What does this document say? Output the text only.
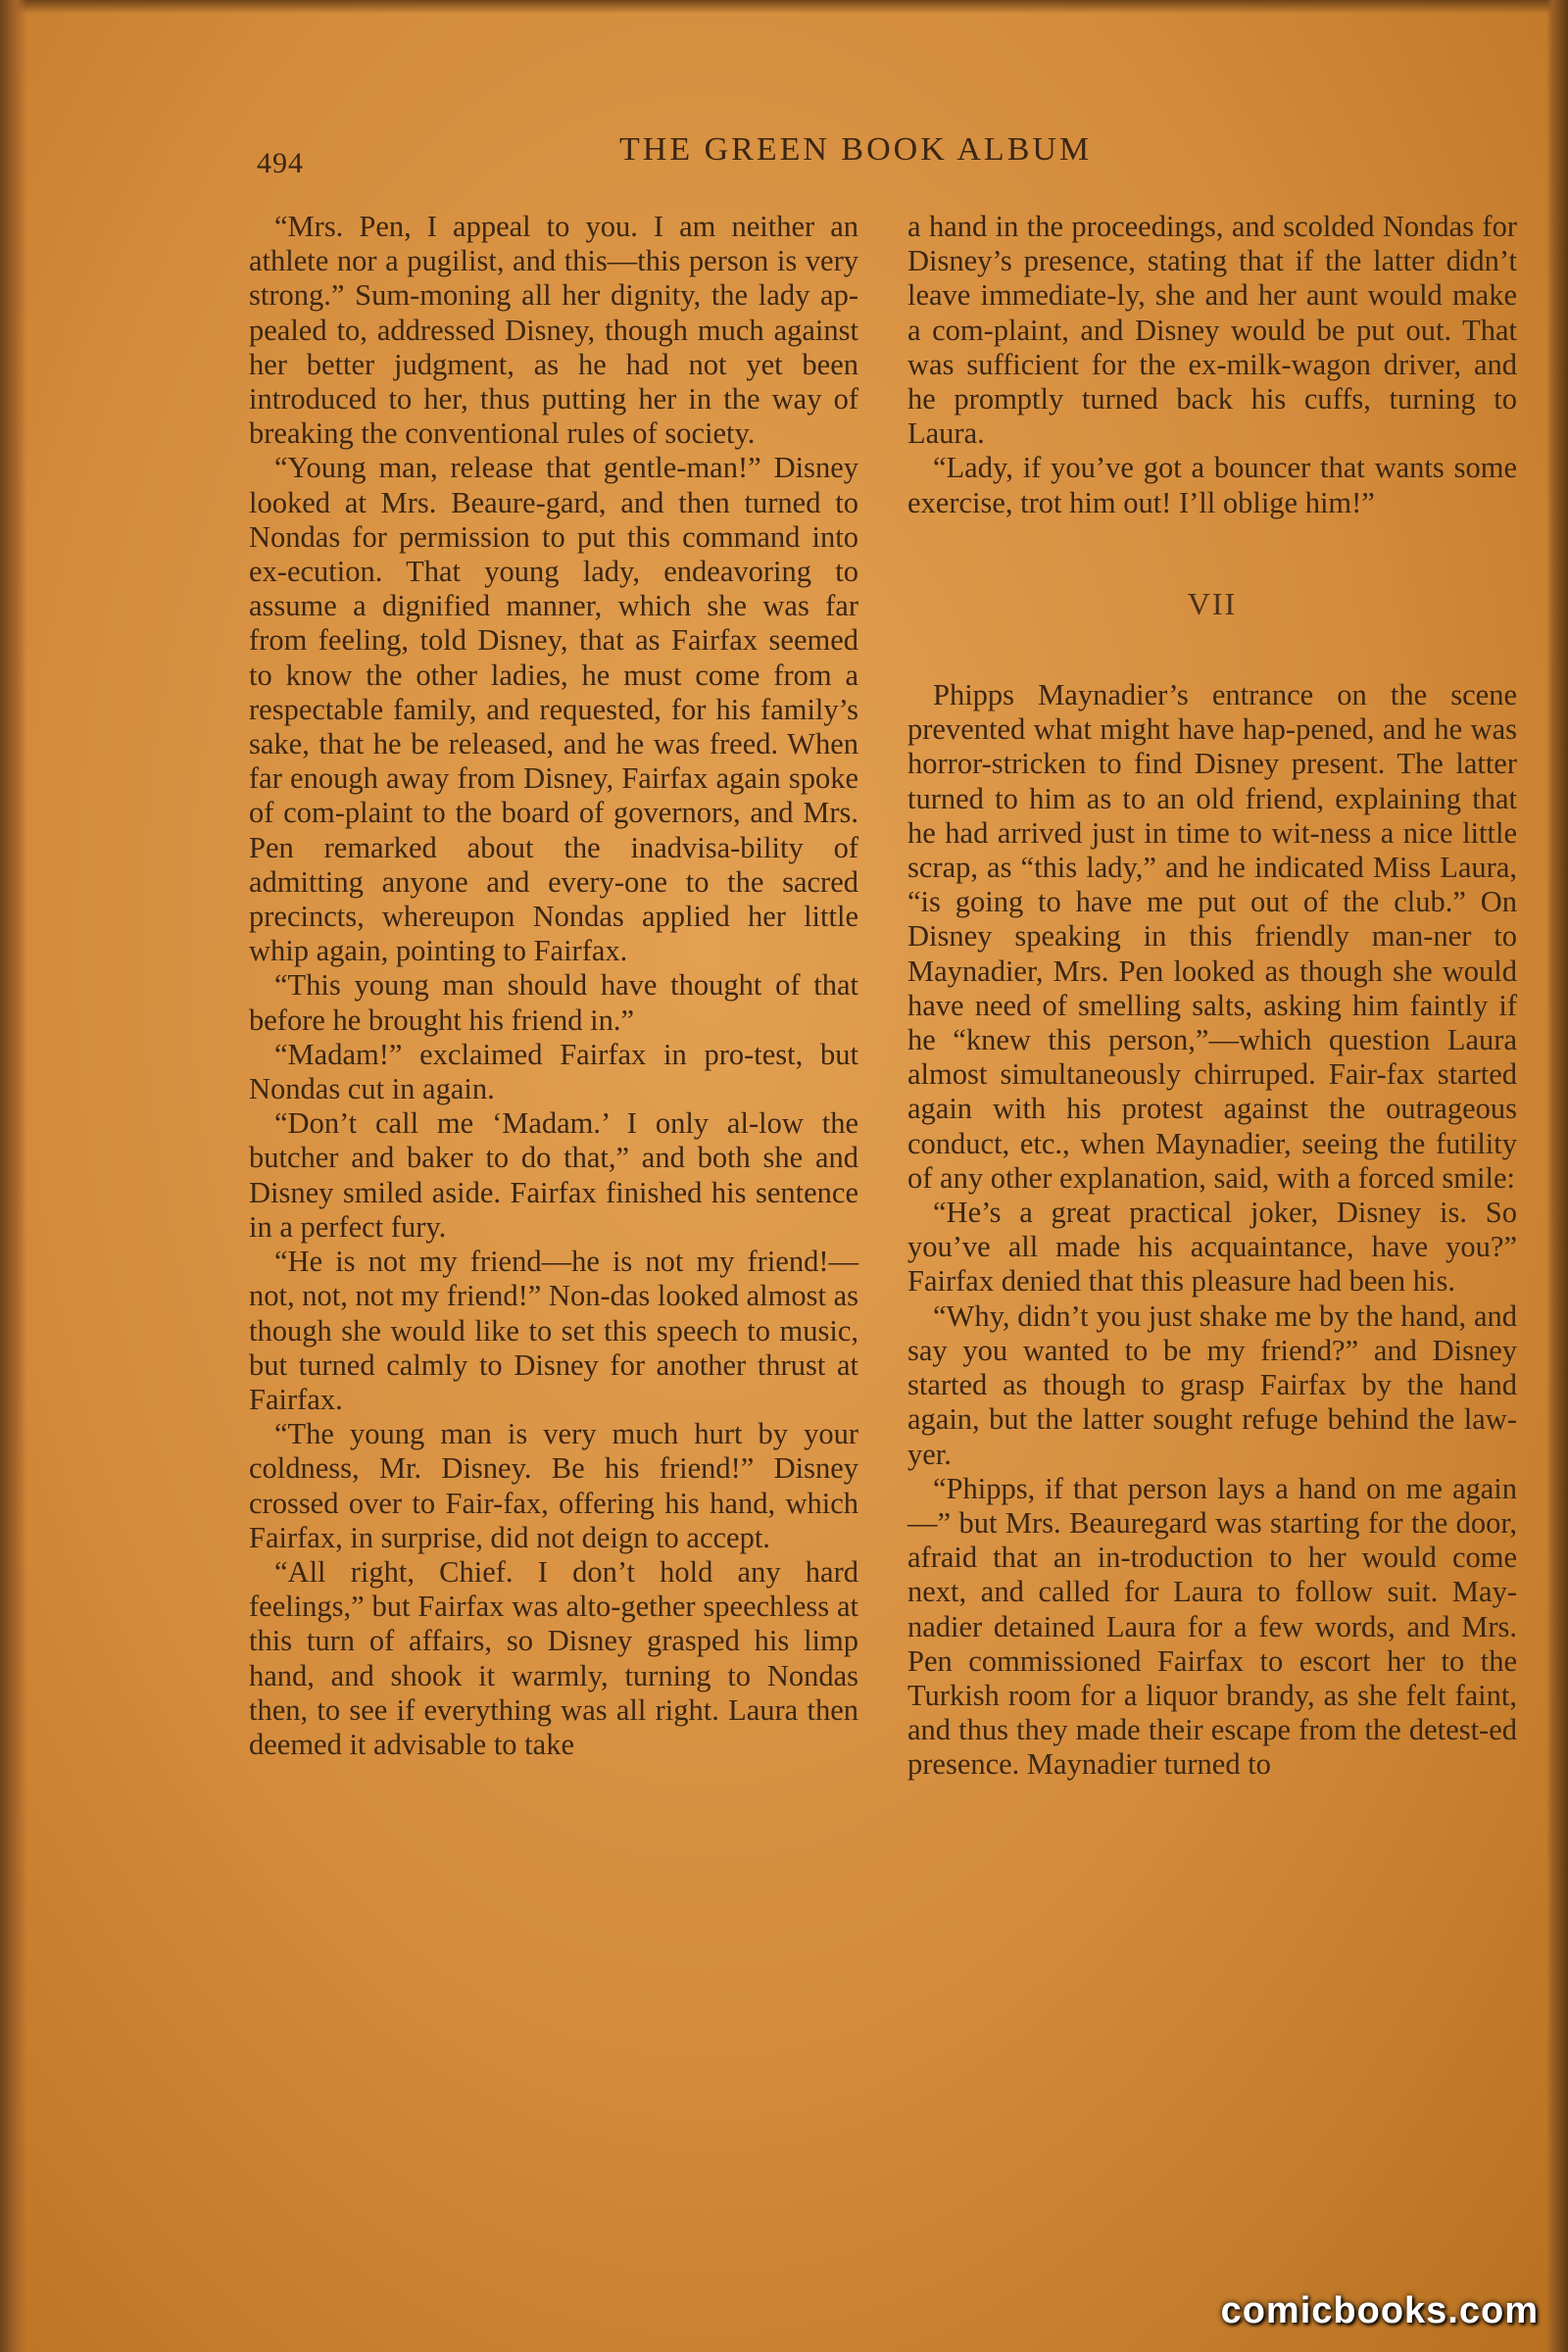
494	THE GREEN BOOK ALBUM

“Mrs. Pen, I appeal to you. I am neither an athlete nor a pugilist, and this—this person is very strong.” Sum-moning all her dignity, the lady ap-pealed to, addressed Disney, though much against her better judgment, as he had not yet been introduced to her, thus putting her in the way of breaking the conventional rules of society.

“Young man, release that gentle-man!” Disney looked at Mrs. Beaure-gard, and then turned to Nondas for permission to put this command into ex-ecution. That young lady, endeavoring to assume a dignified manner, which she was far from feeling, told Disney, that as Fairfax seemed to know the other ladies, he must come from a respectable family, and requested, for his family’s sake, that he be released, and he was freed. When far enough away from Disney, Fairfax again spoke of com-plaint to the board of governors, and Mrs. Pen remarked about the inadvisa-bility of admitting anyone and every-one to the sacred precincts, whereupon Nondas applied her little whip again, pointing to Fairfax.

“This young man should have thought of that before he brought his friend in.”

“Madam!” exclaimed Fairfax in pro-test, but Nondas cut in again.

“Don’t call me ‘Madam.’ I only al-low the butcher and baker to do that,” and both she and Disney smiled aside. Fairfax finished his sentence in a perfect fury.

“He is not my friend—he is not my friend!—not, not, not my friend!” Non-das looked almost as though she would like to set this speech to music, but turned calmly to Disney for another thrust at Fairfax.

“The young man is very much hurt by your coldness, Mr. Disney. Be his friend!” Disney crossed over to Fair-fax, offering his hand, which Fairfax, in surprise, did not deign to accept.

“All right, Chief. I don’t hold any hard feelings,” but Fairfax was alto-gether speechless at this turn of affairs, so Disney grasped his limp hand, and shook it warmly, turning to Nondas then, to see if everything was all right. Laura then deemed it advisable to take

a hand in the proceedings, and scolded Nondas for Disney’s presence, stating that if the latter didn’t leave immediate-ly, she and her aunt would make a com-plaint, and Disney would be put out. That was sufficient for the ex-milk-wagon driver, and he promptly turned back his cuffs, turning to Laura.

“Lady, if you’ve got a bouncer that wants some exercise, trot him out! I’ll oblige him!”

VII

Phipps Maynadier’s entrance on the scene prevented what might have hap-pened, and he was horror-stricken to find Disney present. The latter turned to him as to an old friend, explaining that he had arrived just in time to wit-ness a nice little scrap, as “this lady,” and he indicated Miss Laura, “is going to have me put out of the club.” On Disney speaking in this friendly man-ner to Maynadier, Mrs. Pen looked as though she would have need of smelling salts, asking him faintly if he “knew this person,”—which question Laura almost simultaneously chirruped. Fair-fax started again with his protest against the outrageous conduct, etc., when Maynadier, seeing the futility of any other explanation, said, with a forced smile:

“He’s a great practical joker, Disney is. So you’ve all made his acquaintance, have you?” Fairfax denied that this pleasure had been his.

“Why, didn’t you just shake me by the hand, and say you wanted to be my friend?” and Disney started as though to grasp Fairfax by the hand again, but the latter sought refuge behind the law-yer.

“Phipps, if that person lays a hand on me again—” but Mrs. Beauregard was starting for the door, afraid that an in-troduction to her would come next, and called for Laura to follow suit. May-nadier detained Laura for a few words, and Mrs. Pen commissioned Fairfax to escort her to the Turkish room for a liquor brandy, as she felt faint, and thus they made their escape from the detest-ed presence. Maynadier turned to

comicbooks.com
